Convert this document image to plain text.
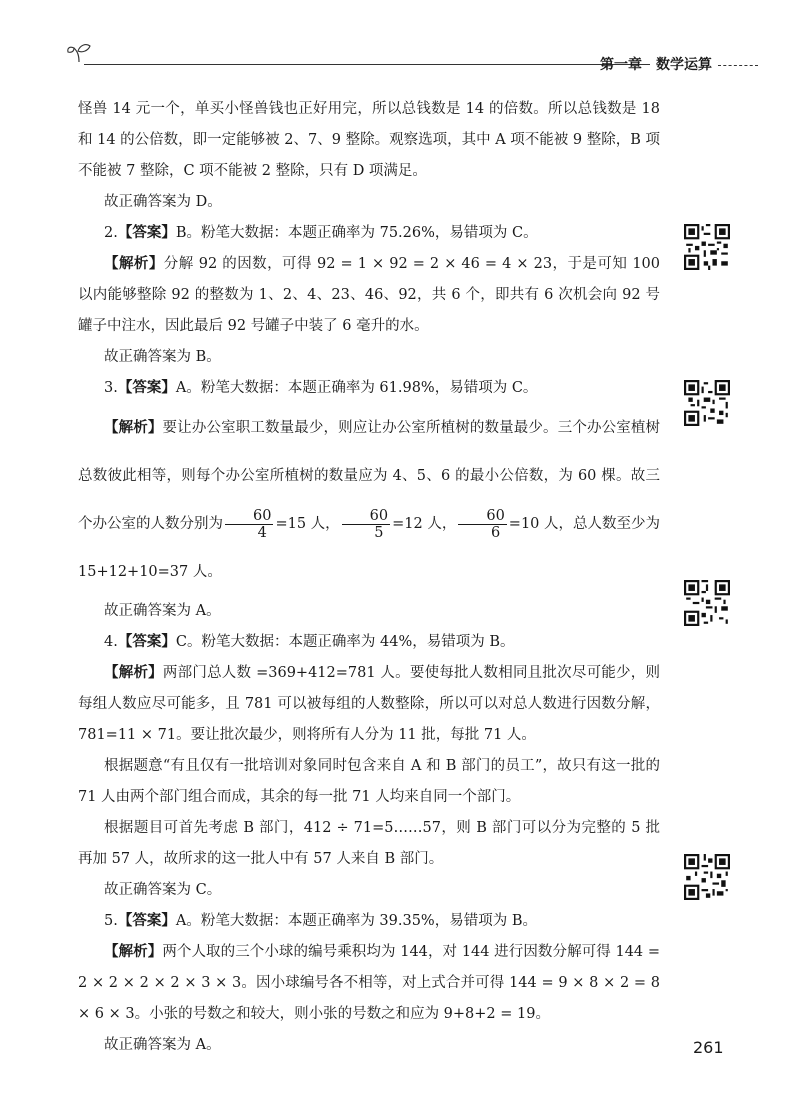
第一章 数学运算

怪兽 14 元一个，单买小怪兽钱也正好用完，所以总钱数是 14 的倍数。所以总钱数是 18 和 14 的公倍数，即一定能够被 2、7、9 整除。观察选项，其中 A 项不能被 9 整除，B 项不能被 7 整除，C 项不能被 2 整除，只有 D 项满足。

故正确答案为 D。

2.【答案】B。粉笔大数据：本题正确率为 75.26%，易错项为 C。

【解析】分解 92 的因数，可得 92 = 1 × 92 = 2 × 46 = 4 × 23，于是可知 100 以内能够整除 92 的整数为 1、2、4、23、46、92，共 6 个，即共有 6 次机会向 92 号罐子中注水，因此最后 92 号罐子中装了 6 毫升的水。

故正确答案为 B。

3.【答案】A。粉笔大数据：本题正确率为 61.98%，易错项为 C。

【解析】要让办公室职工数量最少，则应让办公室所植树的数量最少。三个办公室植树总数彼此相等，则每个办公室所植树的数量应为 4、5、6 的最小公倍数，为 60 棵。故三个办公室的人数分别为 $\frac{60}{4} =15$ 人， $\frac{60}{5} =12$ 人， $\frac{60}{6} =10$ 人，总人数至少为15+12+10=37 人。

故正确答案为 A。

4.【答案】C。粉笔大数据：本题正确率为 44%，易错项为 B。

【解析】两部门总人数 =369+412=781 人。要使每批人数相同且批次尽可能少，则每组人数应尽可能多，且 781 可以被每组的人数整除，所以可以对总人数进行因数分解，781=11 × 71。要让批次最少，则将所有人分为 11 批，每批 71 人。

根据题意“有且仅有一批培训对象同时包含来自 A 和 B 部门的员工”，故只有这一批的 71 人由两个部门组合而成，其余的每一批 71 人均来自同一个部门。

根据题目可首先考虑 B 部门，412 ÷ 71=5……57，则 B 部门可以分为完整的 5 批再加 57 人，故所求的这一批人中有 57 人来自 B 部门。

故正确答案为 C。

5.【答案】A。粉笔大数据：本题正确率为 39.35%，易错项为 B。

【解析】两个人取的三个小球的编号乘积均为 144，对 144 进行因数分解可得 144 = 2 × 2 × 2 × 2 × 3 × 3。因小球编号各不相等，对上式合并可得 144 = 9 × 8 × 2 = 8 × 6 × 3。小张的号数之和较大，则小张的号数之和应为 9+8+2 = 19。

故正确答案为 A。	261
